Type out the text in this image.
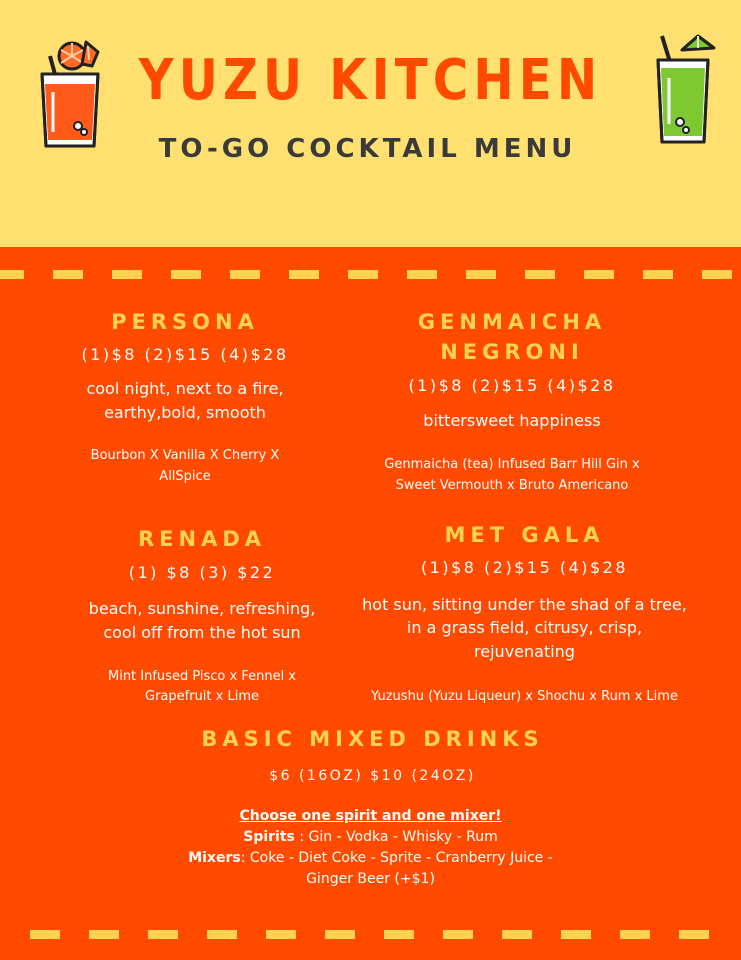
YUZU KITCHEN
TO-GO COCKTAIL MENU
PERSONA
(1)$8 (2)$15 (4)$28
cool night, next to a fire,
earthy,bold, smooth
Bourbon X Vanilla X Cherry X
AllSpice
GENMAICHA
NEGRONI
(1)$8 (2)$15 (4)$28
bittersweet happiness
Genmaicha (tea) Infused Barr Hill Gin x
Sweet Vermouth x Bruto Americano
RENADA
(1) $8 (3) $22
beach, sunshine, refreshing,
cool off from the hot sun
Mint Infused Pisco x Fennel x
Grapefruit x Lime
MET GALA
(1)$8 (2)$15 (4)$28
hot sun, sitting under the shad of a tree,
in a grass field, citrusy, crisp,
rejuvenating
Yuzushu (Yuzu Liqueur) x Shochu x Rum x Lime
BASIC MIXED DRINKS
$6 (16OZ) $10 (24OZ)
Choose one spirit and one mixer!
Spirits : Gin - Vodka - Whisky - Rum
Mixers: Coke - Diet Coke - Sprite - Cranberry Juice -
Ginger Beer (+$1)
